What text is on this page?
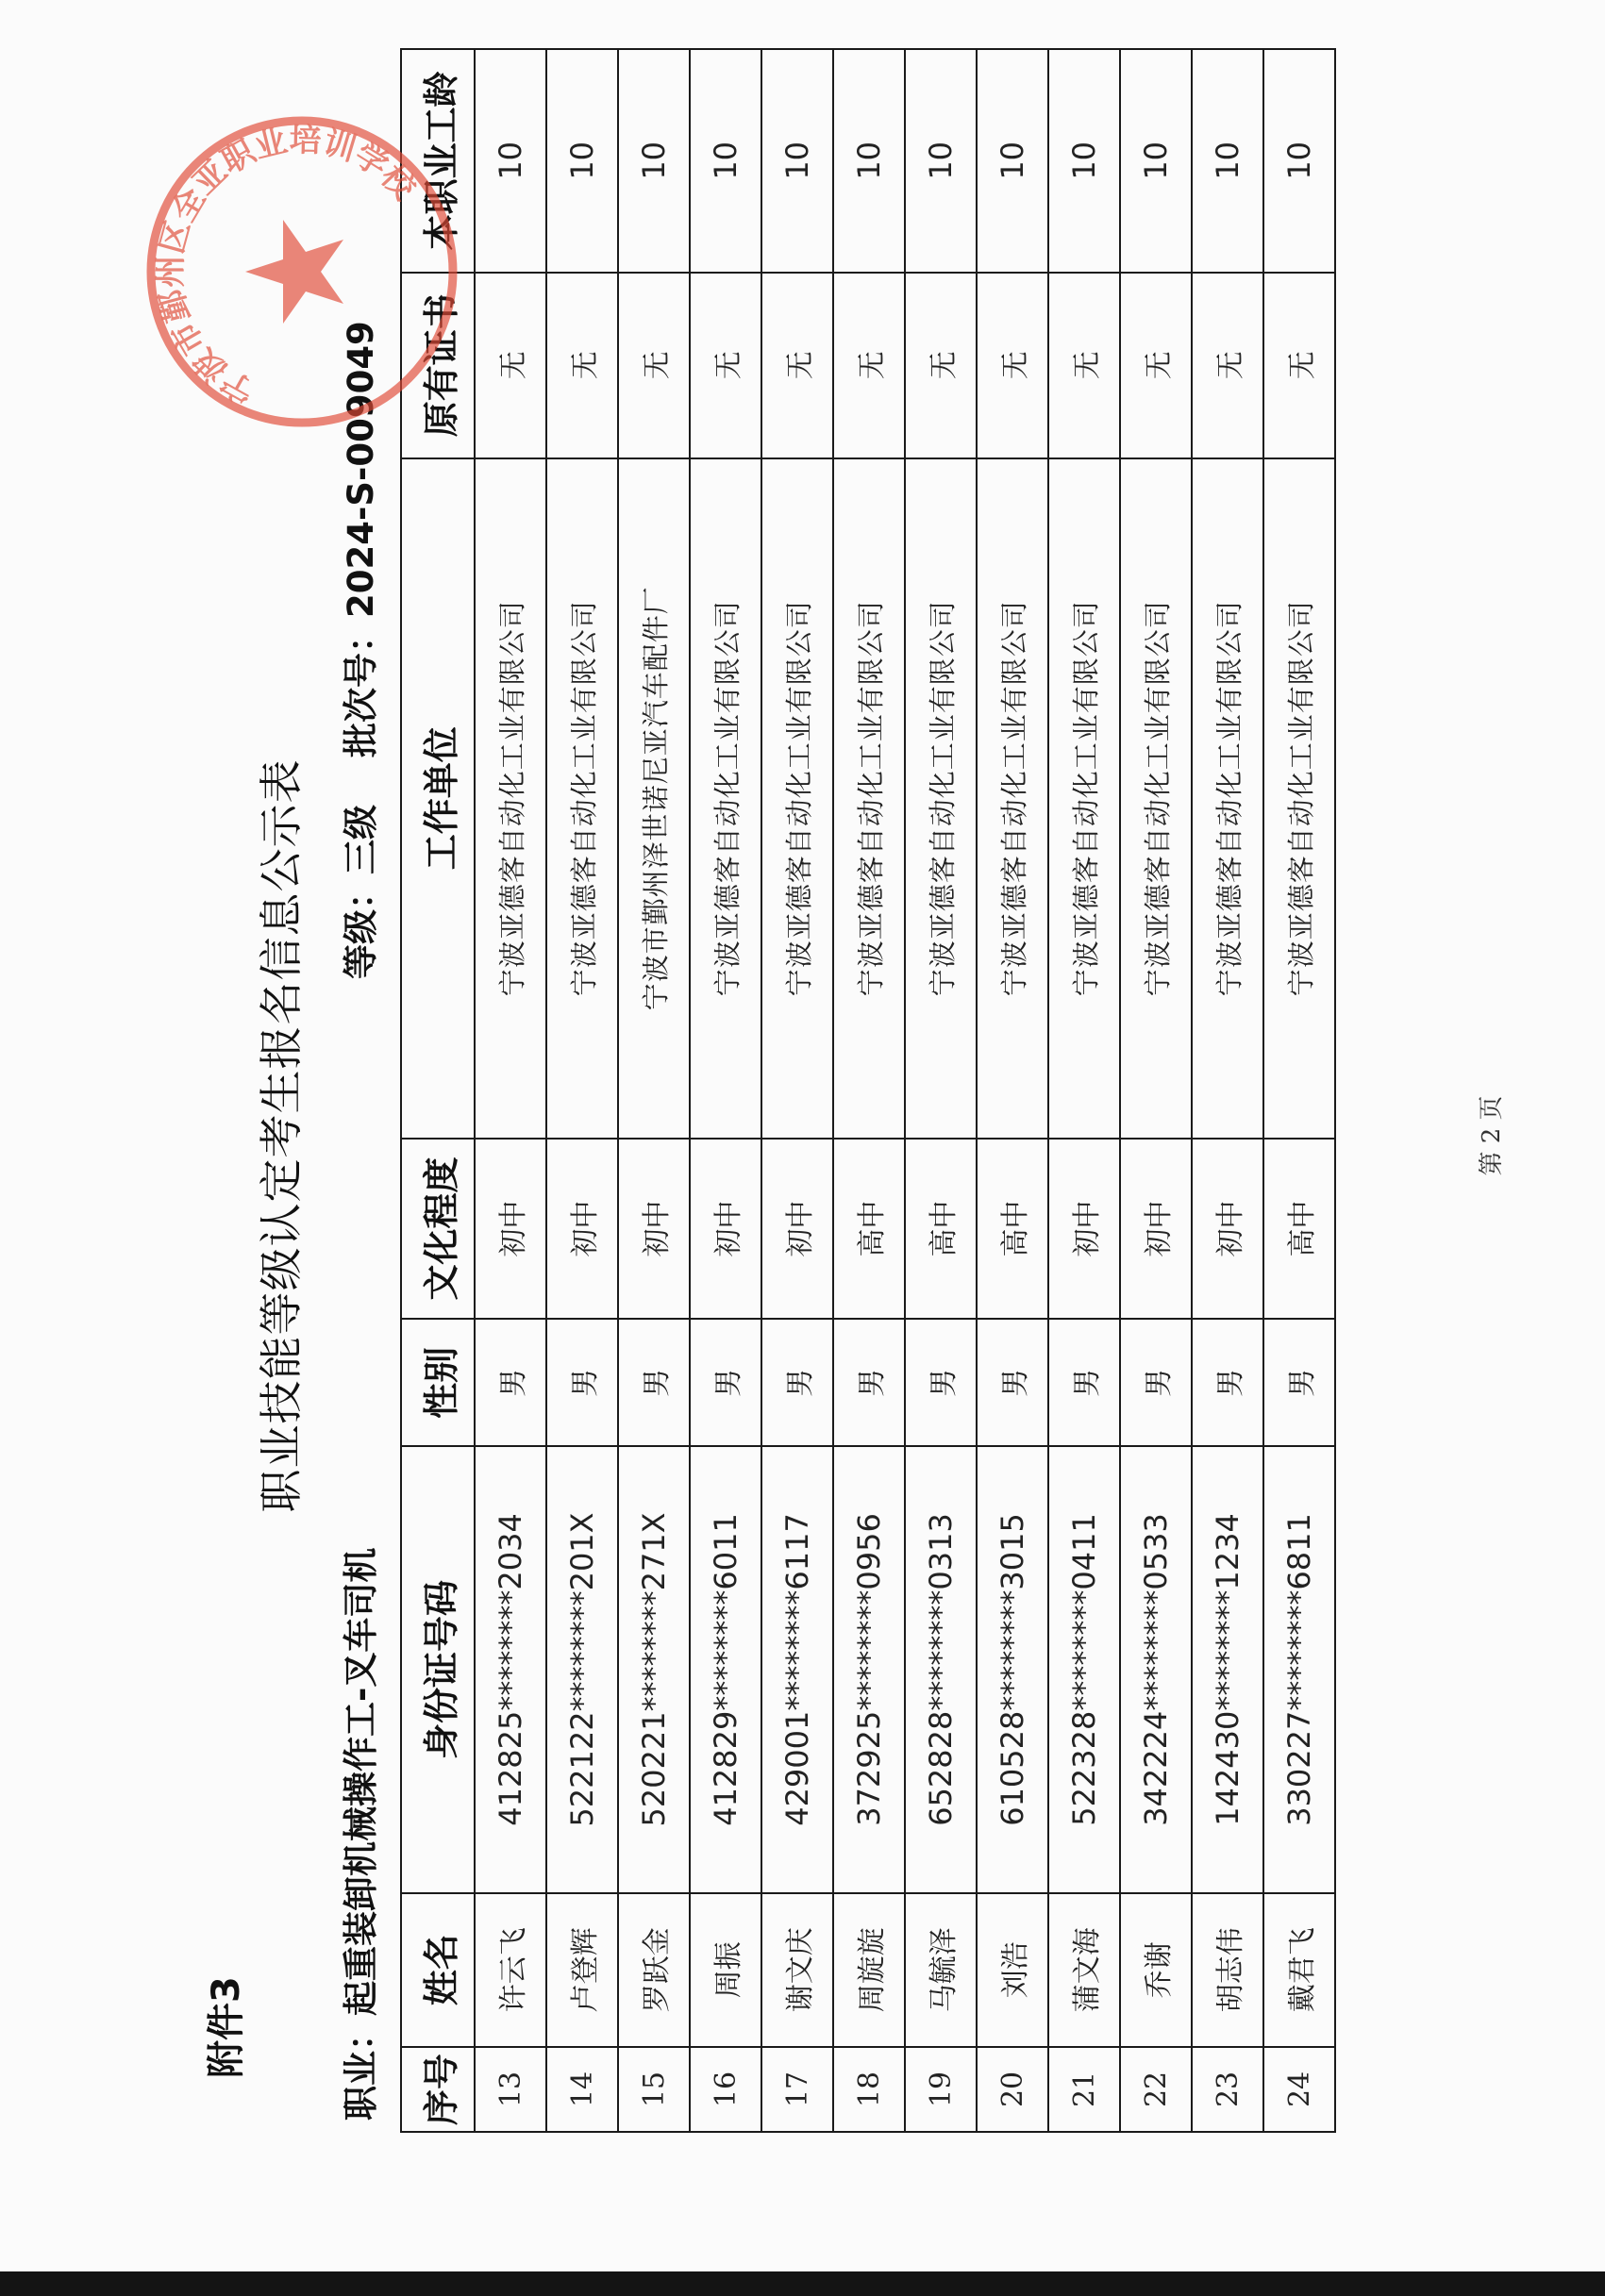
附件3
职业技能等级认定考生报名信息公示表
职业：起重装卸机械操作工-叉车司机
等级：三级
批次号：2024-S-009049
序号	姓名	身份证号码	性别	文化程度	工作单位	原有证书	本职业工龄
13	许云飞	412825********2034	男	初中	宁波亚德客自动化工业有限公司	无	10
14	卢登辉	522122********201X	男	初中	宁波亚德客自动化工业有限公司	无	10
15	罗跃金	520221********271X	男	初中	宁波市鄞州泽世诺尼亚汽车配件厂	无	10
16	周振	412829********6011	男	初中	宁波亚德客自动化工业有限公司	无	10
17	谢文庆	429001********6117	男	初中	宁波亚德客自动化工业有限公司	无	10
18	周旋旋	372925********0956	男	高中	宁波亚德客自动化工业有限公司	无	10
19	马毓泽	652828********0313	男	高中	宁波亚德客自动化工业有限公司	无	10
20	刘浩	610528********3015	男	高中	宁波亚德客自动化工业有限公司	无	10
21	蒲文海	522328********0411	男	初中	宁波亚德客自动化工业有限公司	无	10
22	乔谢	342224********0533	男	初中	宁波亚德客自动化工业有限公司	无	10
23	胡志伟	142430********1234	男	初中	宁波亚德客自动化工业有限公司	无	10
24	戴君飞	330227********6811	男	高中	宁波亚德客自动化工业有限公司	无	10
第 2 页
宁波市鄞州区全亚职业培训学校
